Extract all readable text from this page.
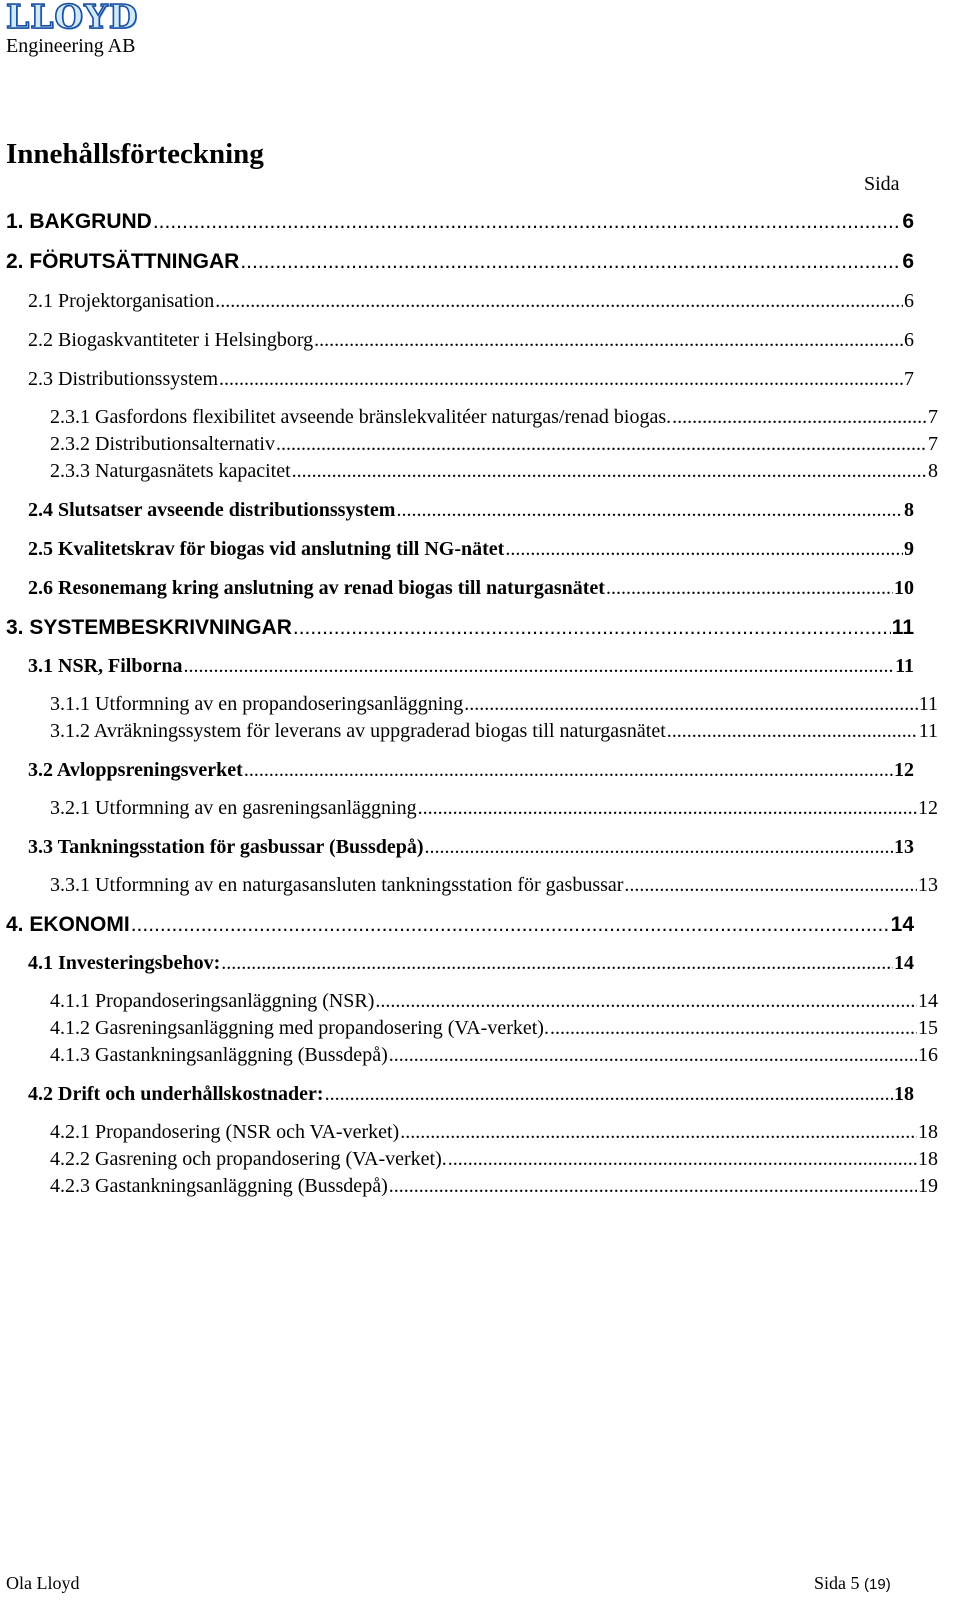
LLOYD
Engineering AB
Innehållsförteckning
Sida
1. BAKGRUND .....	6
2. FÖRUTSÄTTNINGAR .....	6
2.1 Projektorganisation .....	6
2.2 Biogaskvantiteter i Helsingborg .....	6
2.3 Distributionssystem .....	7
2.3.1 Gasfordons flexibilitet avseende bränslekvalitéer naturgas/renad biogas. .....	7
2.3.2 Distributionsalternativ .....	7
2.3.3 Naturgasnätets kapacitet .....	8
2.4 Slutsatser avseende distributionssystem .....	8
2.5 Kvalitetskrav för biogas vid anslutning till NG-nätet .....	9
2.6 Resonemang kring anslutning av renad biogas till naturgasnätet .....	10
3. SYSTEMBESKRIVNINGAR .....	11
3.1 NSR, Filborna .....	11
3.1.1 Utformning av en propandoseringsanläggning .....	11
3.1.2 Avräkningssystem för leverans av uppgraderad biogas till naturgasnätet .....	11
3.2 Avloppsreningsverket .....	12
3.2.1 Utformning av en gasreningsanläggning .....	12
3.3 Tankningsstation för gasbussar (Bussdepå) .....	13
3.3.1 Utformning av en naturgasansluten tankningsstation för gasbussar .....	13
4. EKONOMI .....	14
4.1 Investeringsbehov: .....	14
4.1.1 Propandoseringsanläggning (NSR) .....	14
4.1.2 Gasreningsanläggning med propandosering (VA-verket). .....	15
4.1.3 Gastankningsanläggning (Bussdepå) .....	16
4.2 Drift och underhållskostnader: .....	18
4.2.1 Propandosering (NSR och VA-verket) .....	18
4.2.2 Gasrening och propandosering (VA-verket). .....	18
4.2.3 Gastankningsanläggning (Bussdepå) .....	19
Ola Lloyd	Sida 5 (19)
